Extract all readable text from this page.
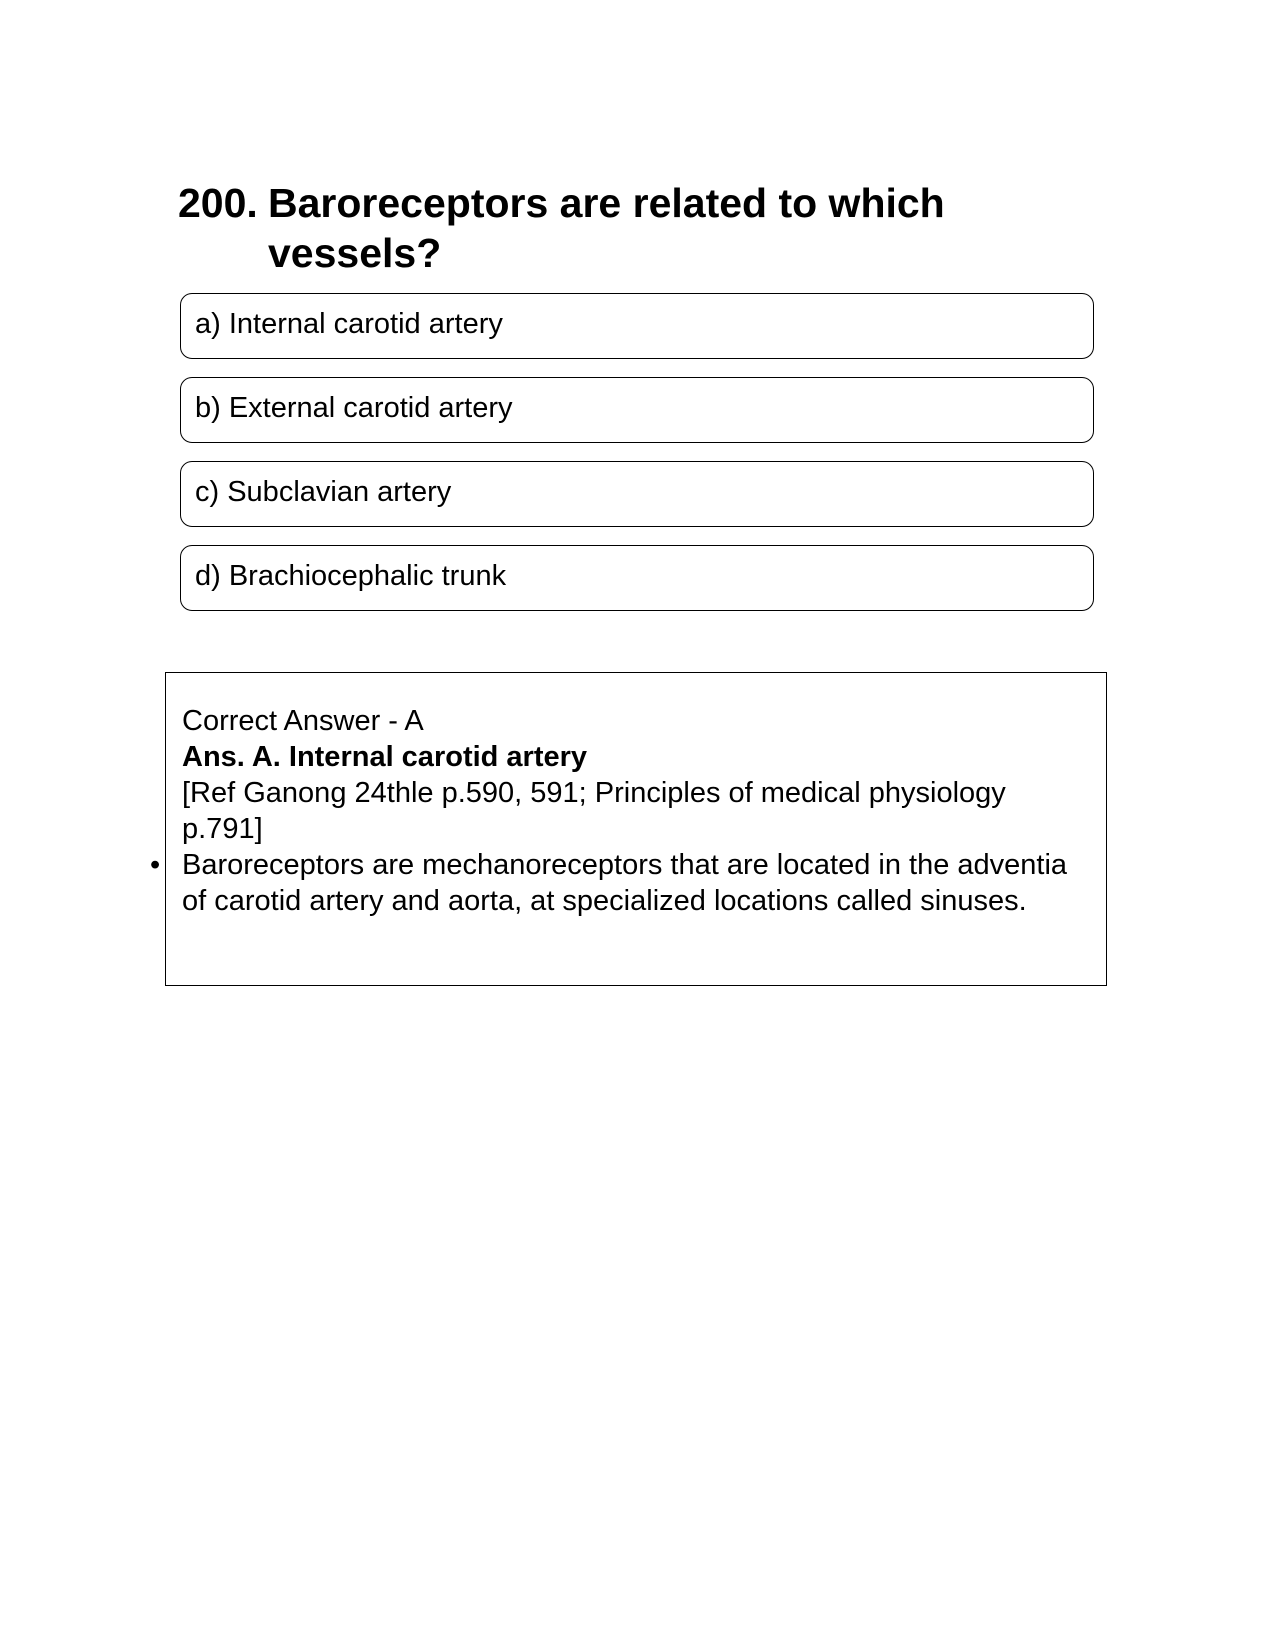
200. Baroreceptors are related to which vessels?
a) Internal carotid artery
b) External carotid artery
c) Subclavian artery
d) Brachiocephalic trunk

Correct Answer - A

Ans. A. Internal carotid artery

[Ref Ganong 24thle p.590, 591; Principles of medical physiology p.791]

• Baroreceptors are mechanoreceptors that are located in the adventia of carotid artery and aorta, at specialized locations called sinuses.
